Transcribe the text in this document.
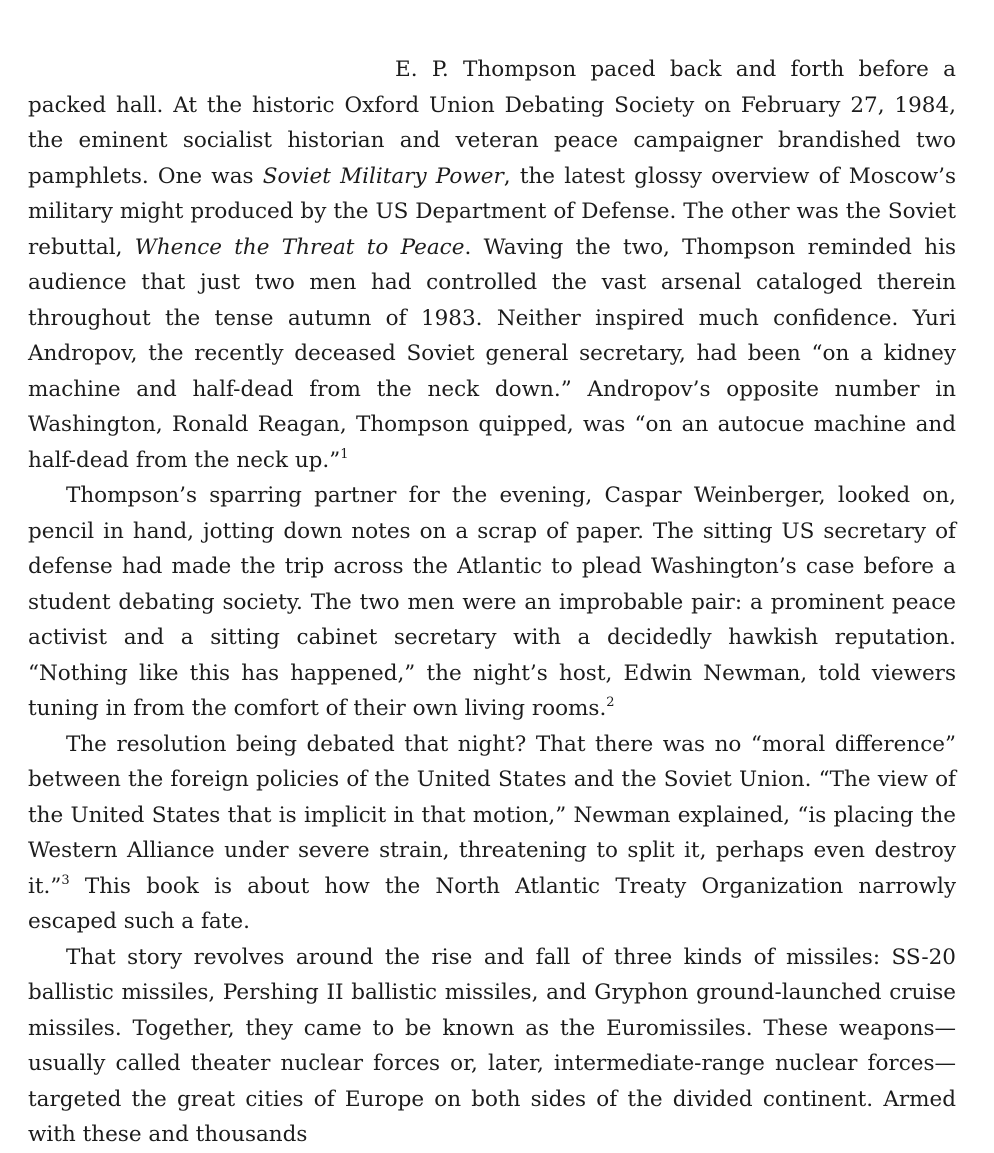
E. P. Thompson paced back and forth before a packed hall. At the historic Oxford Union Debating Society on February 27, 1984, the eminent socialist historian and veteran peace campaigner brandished two pamphlets. One was Soviet Military Power, the latest glossy overview of Moscow’s military might produced by the US Department of Defense. The other was the Soviet rebuttal, Whence the Threat to Peace. Waving the two, Thompson reminded his audience that just two men had controlled the vast arsenal cataloged therein throughout the tense autumn of 1983. Neither inspired much confidence. Yuri Andropov, the recently deceased Soviet general secretary, had been “on a kidney machine and half-dead from the neck down.” Andropov’s opposite number in Washington, Ronald Reagan, Thompson quipped, was “on an autocue machine and half-dead from the neck up.”$^1$

Thompson’s sparring partner for the evening, Caspar Weinberger, looked on, pencil in hand, jotting down notes on a scrap of paper. The sitting US secretary of defense had made the trip across the Atlantic to plead Washington’s case before a student debating society. The two men were an improbable pair: a prominent peace activist and a sitting cabinet secretary with a decidedly hawkish reputation. “Nothing like this has happened,” the night’s host, Edwin Newman, told viewers tuning in from the comfort of their own living rooms.$^2$

The resolution being debated that night? That there was no “moral difference” between the foreign policies of the United States and the Soviet Union. “The view of the United States that is implicit in that motion,” Newman explained, “is placing the Western Alliance under severe strain, threatening to split it, perhaps even destroy it.”$^3$ This book is about how the North Atlantic Treaty Organization narrowly escaped such a fate.

That story revolves around the rise and fall of three kinds of missiles: SS-20 ballistic missiles, Pershing II ballistic missiles, and Gryphon ground-launched cruise missiles. Together, they came to be known as the Euromissiles. These weapons—usually called theater nuclear forces or, later, intermediate-range nuclear forces—targeted the great cities of Europe on both sides of the divided continent. Armed with these and thousands
